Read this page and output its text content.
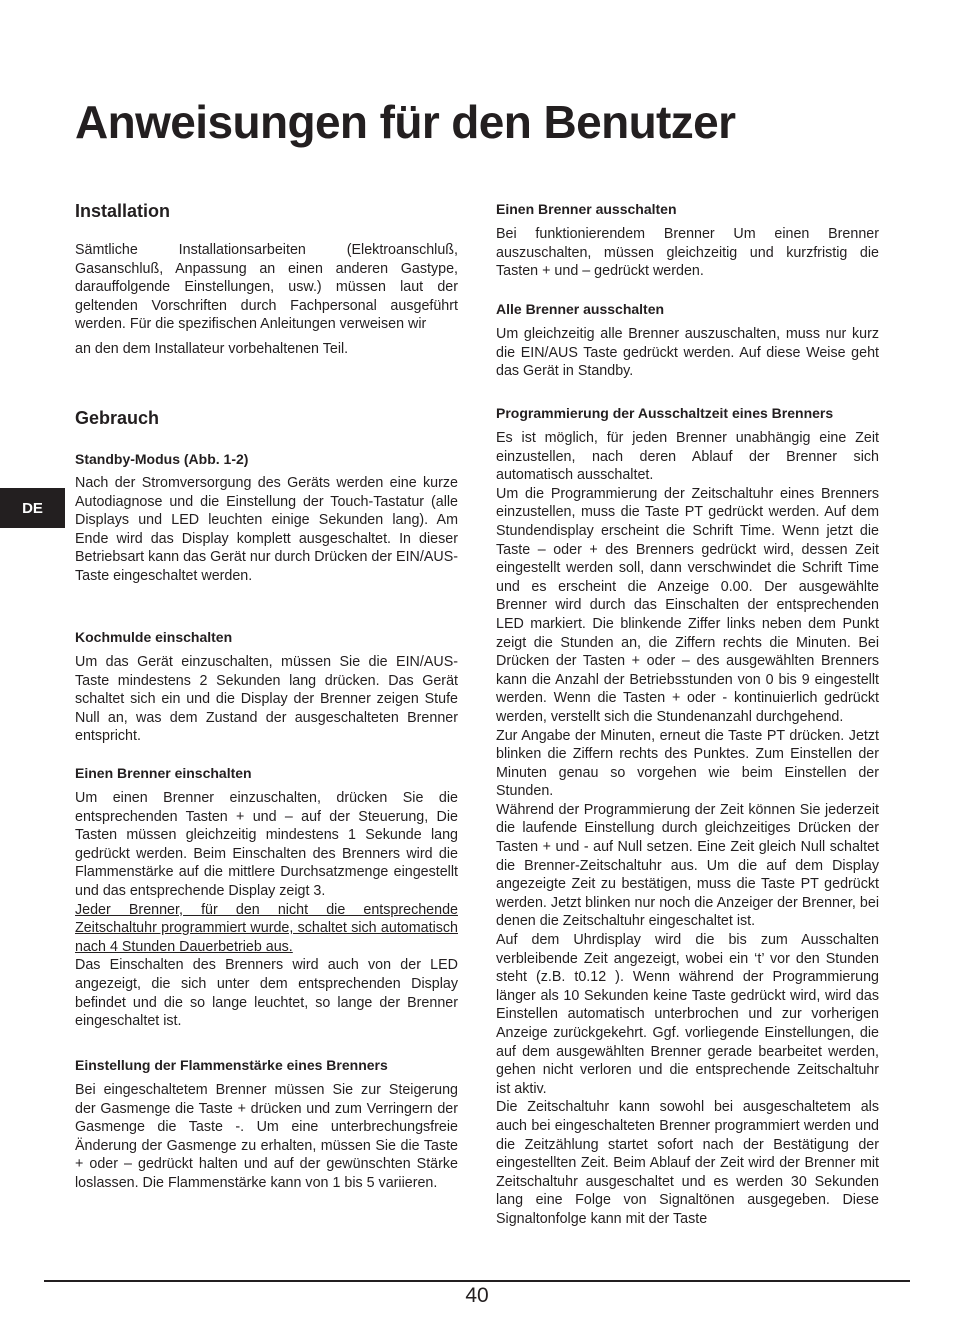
Anweisungen für den Benutzer
DE
Installation

Sämtliche Installationsarbeiten (Elektroanschluß, Gasanschluß, Anpassung an einen anderen Gastype, darauffolgende Einstellungen, usw.) müssen laut der geltenden Vorschriften durch Fachpersonal ausgeführt werden. Für die spezifischen Anleitungen verweisen wir

an den dem Installateur vorbehaltenen Teil.

Gebrauch
Standby-Modus (Abb. 1-2)

Nach der Stromversorgung des Geräts werden eine kurze Autodiagnose und die Einstellung der Touch-Tastatur (alle Displays und LED leuchten einige Sekunden lang). Am Ende wird das Display komplett ausgeschaltet. In dieser Betriebsart kann das Gerät nur durch Drücken der EIN/AUS-Taste eingeschaltet werden.

Kochmulde einschalten

Um das Gerät einzuschalten, müssen Sie die EIN/AUS-Taste mindestens 2 Sekunden lang drücken. Das Gerät schaltet sich ein und die Display der Brenner zeigen Stufe Null an, was dem Zustand der ausgeschalteten Brenner entspricht.

Einen Brenner einschalten

Um einen Brenner einzuschalten, drücken Sie die entsprechenden Tasten + und – auf der Steuerung, Die Tasten müssen gleichzeitig mindestens 1 Sekunde lang gedrückt werden. Beim Einschalten des Brenners wird die Flammenstärke auf die mittlere Durchsatzmenge eingestellt und das entsprechende Display zeigt 3.

Jeder Brenner, für den nicht die entsprechende Zeitschaltuhr programmiert wurde, schaltet sich automatisch nach 4 Stunden Dauerbetrieb aus.

Das Einschalten des Brenners wird auch von der LED angezeigt, die sich unter dem entsprechenden Display befindet und die so lange leuchtet, so lange der Brenner eingeschaltet ist.

Einstellung der Flammenstärke eines Brenners

Bei eingeschaltetem Brenner müssen Sie zur Steigerung der Gasmenge die Taste + drücken und zum Verringern der Gasmenge die Taste -. Um eine unterbrechungsfreie Änderung der Gasmenge zu erhalten, müssen Sie die Taste + oder – gedrückt halten und auf der gewünschten Stärke loslassen. Die Flammenstärke kann von 1 bis 5 variieren.

Einen Brenner ausschalten

Bei funktionierendem Brenner Um einen Brenner auszuschalten, müssen gleichzeitig und kurzfristig die Tasten + und – gedrückt werden.

Alle Brenner ausschalten

Um gleichzeitig alle Brenner auszuschalten, muss nur kurz die EIN/AUS Taste gedrückt werden. Auf diese Weise geht das Gerät in Standby.

Programmierung der Ausschaltzeit eines Brenners

Es ist möglich, für jeden Brenner unabhängig eine Zeit einzustellen, nach deren Ablauf der Brenner sich automatisch ausschaltet.

Um die Programmierung der Zeitschaltuhr eines Brenners einzustellen, muss die Taste PT gedrückt werden. Auf dem Stundendisplay erscheint die Schrift Time. Wenn jetzt die Taste – oder + des Brenners gedrückt wird, dessen Zeit eingestellt werden soll, dann verschwindet die Schrift Time und es erscheint die Anzeige 0.00. Der ausgewählte Brenner wird durch das Einschalten der entsprechenden LED markiert. Die blinkende Ziffer links neben dem Punkt zeigt die Stunden an, die Ziffern rechts die Minuten. Bei Drücken der Tasten + oder – des ausgewählten Brenners kann die Anzahl der Betriebsstunden von 0 bis 9 eingestellt werden. Wenn die Tasten + oder - kontinuierlich gedrückt werden, verstellt sich die Stundenanzahl durchgehend.

Zur Angabe der Minuten, erneut die Taste PT drücken. Jetzt blinken die Ziffern rechts des Punktes. Zum Einstellen der Minuten genau so vorgehen wie beim Einstellen der Stunden.

Während der Programmierung der Zeit können Sie jederzeit die laufende Einstellung durch gleichzeitiges Drücken der Tasten + und - auf Null setzen. Eine Zeit gleich Null schaltet die Brenner-Zeitschaltuhr aus. Um die auf dem Display angezeigte Zeit zu bestätigen, muss die Taste PT gedrückt werden. Jetzt blinken nur noch die Anzeiger der Brenner, bei denen die Zeitschaltuhr eingeschaltet ist.

Auf dem Uhrdisplay wird die bis zum Ausschalten verbleibende Zeit angezeigt, wobei ein ‘t’ vor den Stunden steht (z.B. t0.12 ). Wenn während der Programmierung länger als 10 Sekunden keine Taste gedrückt wird, wird das Einstellen automatisch unterbrochen und zur vorherigen Anzeige zurückgekehrt. Ggf. vorliegende Einstellungen, die auf dem ausgewählten Brenner gerade bearbeitet werden, gehen nicht verloren und die entsprechende Zeitschaltuhr ist aktiv.

Die Zeitschaltuhr kann sowohl bei ausgeschaltetem als auch bei eingeschalteten Brenner programmiert werden und die Zeitzählung startet sofort nach der Bestätigung der eingestellten Zeit. Beim Ablauf der Zeit wird der Brenner mit Zeitschaltuhr ausgeschaltet und es werden 30 Sekunden lang eine Folge von Signaltönen ausgegeben. Diese Signaltonfolge kann mit der Taste

40
